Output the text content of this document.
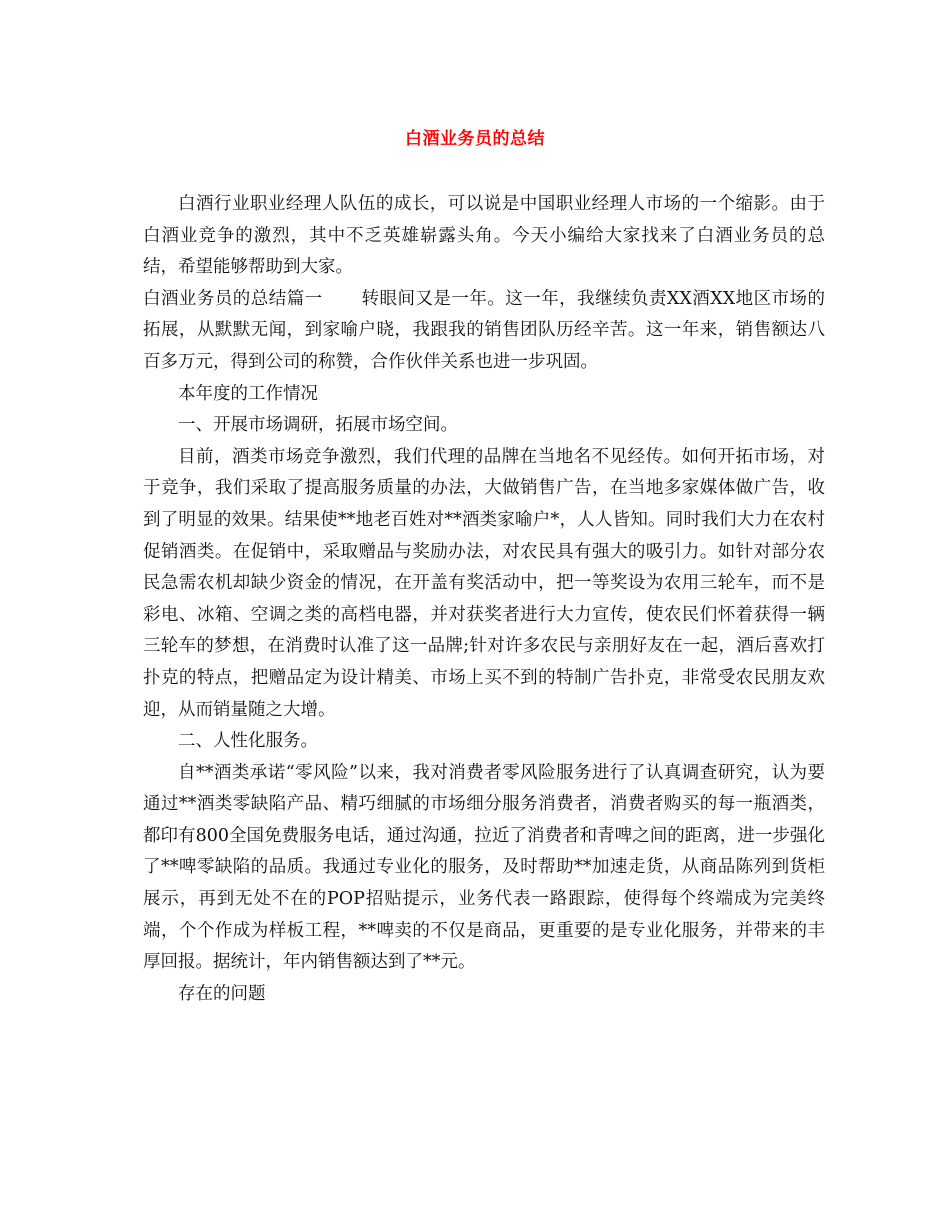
白酒业务员的总结

白酒行业职业经理人队伍的成长，可以说是中国职业经理人市场的一个缩影。由于白酒业竞争的激烈，其中不乏英雄崭露头角。今天小编给大家找来了白酒业务员的总结，希望能够帮助到大家。

白酒业务员的总结篇一 转眼间又是一年。这一年，我继续负责XX酒XX地区市场的拓展，从默默无闻，到家喻户晓，我跟我的销售团队历经辛苦。这一年来，销售额达八百多万元，得到公司的称赞，合作伙伴关系也进一步巩固。

本年度的工作情况

一、开展市场调研，拓展市场空间。

目前，酒类市场竞争激烈，我们代理的品牌在当地名不见经传。如何开拓市场，对于竞争，我们采取了提高服务质量的办法，大做销售广告，在当地多家媒体做广告，收到了明显的效果。结果使**地老百姓对**酒类家喻户*，人人皆知。同时我们大力在农村促销酒类。在促销中，采取赠品与奖励办法，对农民具有强大的吸引力。如针对部分农民急需农机却缺少资金的情况，在开盖有奖活动中，把一等奖设为农用三轮车，而不是彩电、冰箱、空调之类的高档电器，并对获奖者进行大力宣传，使农民们怀着获得一辆三轮车的梦想，在消费时认准了这一品牌;针对许多农民与亲朋好友在一起，酒后喜欢打扑克的特点，把赠品定为设计精美、市场上买不到的特制广告扑克，非常受农民朋友欢迎，从而销量随之大增。

二、人性化服务。

自**酒类承诺“零风险”以来，我对消费者零风险服务进行了认真调查研究，认为要通过**酒类零缺陷产品、精巧细腻的市场细分服务消费者，消费者购买的每一瓶酒类，都印有800全国免费服务电话，通过沟通，拉近了消费者和青啤之间的距离，进一步强化了**啤零缺陷的品质。我通过专业化的服务，及时帮助**加速走货，从商品陈列到货柜展示，再到无处不在的POP招贴提示，业务代表一路跟踪，使得每个终端成为完美终端，个个作成为样板工程，**啤卖的不仅是商品，更重要的是专业化服务，并带来的丰厚回报。据统计，年内销售额达到了**元。

存在的问题
